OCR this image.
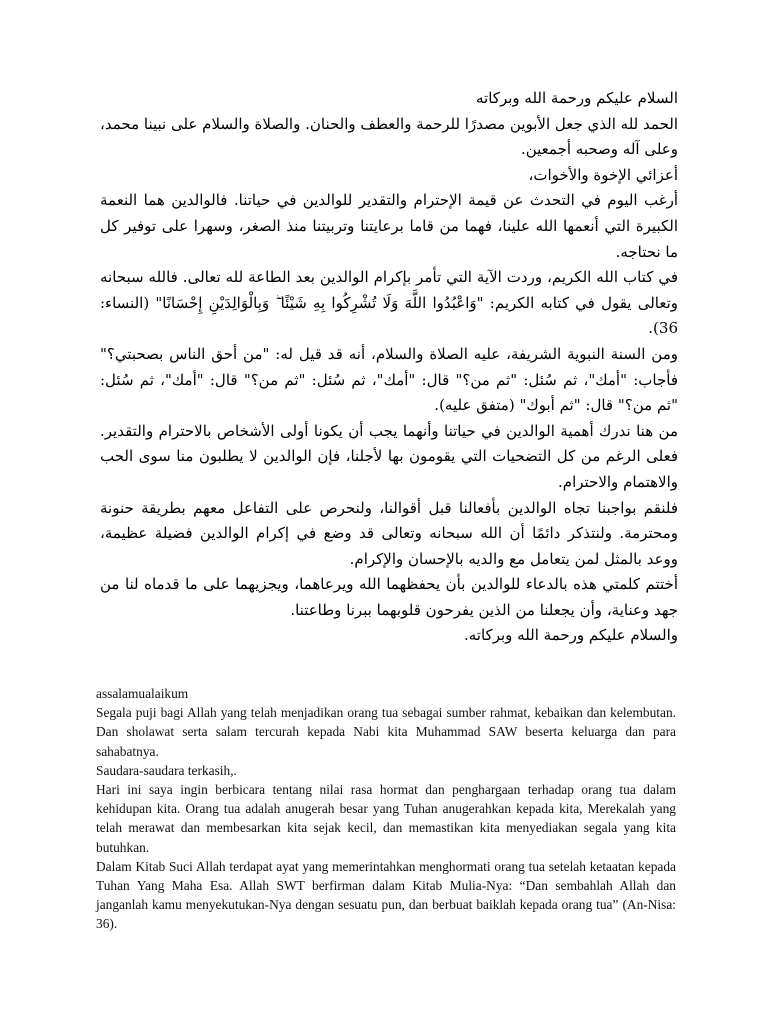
السلام عليكم ورحمة الله وبركاته

الحمد لله الذي جعل الأبوين مصدرًا للرحمة والعطف والحنان. والصلاة والسلام على نبينا محمد، وعلى آله وصحبه أجمعين.

أعزائي الإخوة والأخوات،

أرغب اليوم في التحدث عن قيمة الإحترام والتقدير للوالدين في حياتنا. فالوالدين هما النعمة الكبيرة التي أنعمها الله علينا، فهما من قاما برعايتنا وتربيتنا منذ الصغر، وسهرا على توفير كل ما نحتاجه.

في كتاب الله الكريم، وردت الآية التي تأمر بإكرام الوالدين بعد الطاعة لله تعالى. فالله سبحانه وتعالى يقول في كتابه الكريم: "وَاعْبُدُوا اللَّهَ وَلَا تُشْرِكُوا بِهِ شَيْئًا ۖ وَبِالْوَالِدَيْنِ إِحْسَانًا" (النساء: 36).

ومن السنة النبوية الشريفة، عليه الصلاة والسلام، أنه قد قيل له: "من أحق الناس بصحبتي؟" فأجاب: "أمك"، ثم سُئل: "ثم من؟" قال: "أمك"، ثم سُئل: "ثم من؟" قال: "أمك"، ثم سُئل: "ثم من؟" قال: "ثم أبوك" (متفق عليه).

من هنا ندرك أهمية الوالدين في حياتنا وأنهما يجب أن يكونا أولى الأشخاص بالاحترام والتقدير. فعلى الرغم من كل التضحيات التي يقومون بها لأجلنا، فإن الوالدين لا يطلبون منا سوى الحب والاهتمام والاحترام.

فلنقم بواجبنا تجاه الوالدين بأفعالنا قبل أقوالنا، ولنحرص على التفاعل معهم بطريقة حنونة ومحترمة. ولنتذكر دائمًا أن الله سبحانه وتعالى قد وضع في إكرام الوالدين فضيلة عظيمة، ووعد بالمثل لمن يتعامل مع والديه بالإحسان والإكرام.

أختتم كلمتي هذه بالدعاء للوالدين بأن يحفظهما الله ويرعاهما، ويجزيهما على ما قدماه لنا من جهد وعناية، وأن يجعلنا من الذين يفرحون قلوبهما ببرنا وطاعتنا.

والسلام عليكم ورحمة الله وبركاته.

assalamualaikum

Segala puji bagi Allah yang telah menjadikan orang tua sebagai sumber rahmat, kebaikan dan kelembutan. Dan sholawat serta salam tercurah kepada Nabi kita Muhammad SAW beserta keluarga dan para sahabatnya.

Saudara-saudara terkasih,.

Hari ini saya ingin berbicara tentang nilai rasa hormat dan penghargaan terhadap orang tua dalam kehidupan kita. Orang tua adalah anugerah besar yang Tuhan anugerahkan kepada kita, Merekalah yang telah merawat dan membesarkan kita sejak kecil, dan memastikan kita menyediakan segala yang kita butuhkan.

Dalam Kitab Suci Allah terdapat ayat yang memerintahkan menghormati orang tua setelah ketaatan kepada Tuhan Yang Maha Esa. Allah SWT berfirman dalam Kitab Mulia-Nya: “Dan sembahlah Allah dan janganlah kamu menyekutukan-Nya dengan sesuatu pun, dan berbuat baiklah kepada orang tua” (An-Nisa: 36).
